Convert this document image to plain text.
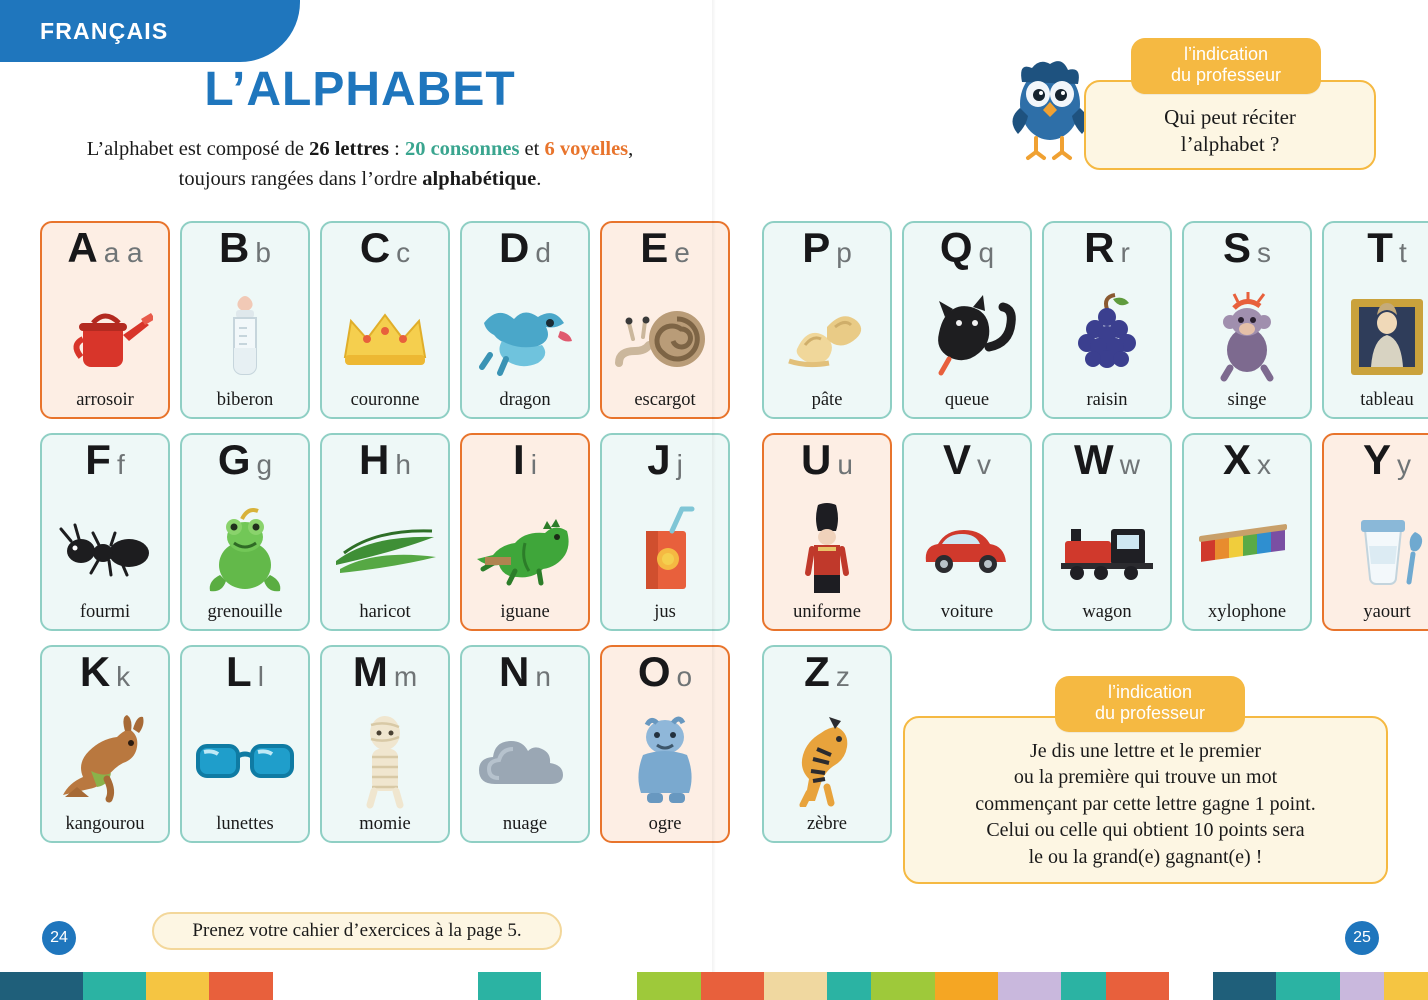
FRANÇAIS
L’ALPHABET
L’alphabet est composé de 26 lettres : 20 consonnes et 6 voyelles,
toujours rangées dans l’ordre alphabétique.
l’indication
du professeur
Qui peut réciter
l’alphabet ?
A a a
arrosoir
B b
biberon
C c
couronne
D d
dragon
E e
escargot
F f
fourmi
G g
grenouille
H h
haricot
I i
iguane
J j
jus
K k
kangourou
L l
lunettes
M m
momie
N n
nuage
O o
ogre
P p
pâte
Q q
queue
R r
raisin
S s
singe
T t
tableau
U u
uniforme
V v
voiture
W w
wagon
X x
xylophone
Y y
yaourt
Z z
zèbre
l’indication
du professeur
Je dis une lettre et le premier
ou la première qui trouve un mot
commençant par cette lettre gagne 1 point.
Celui ou celle qui obtient 10 points sera
le ou la grand(e) gagnant(e) !
Prenez votre cahier d’exercices à la page 5.
24	25
